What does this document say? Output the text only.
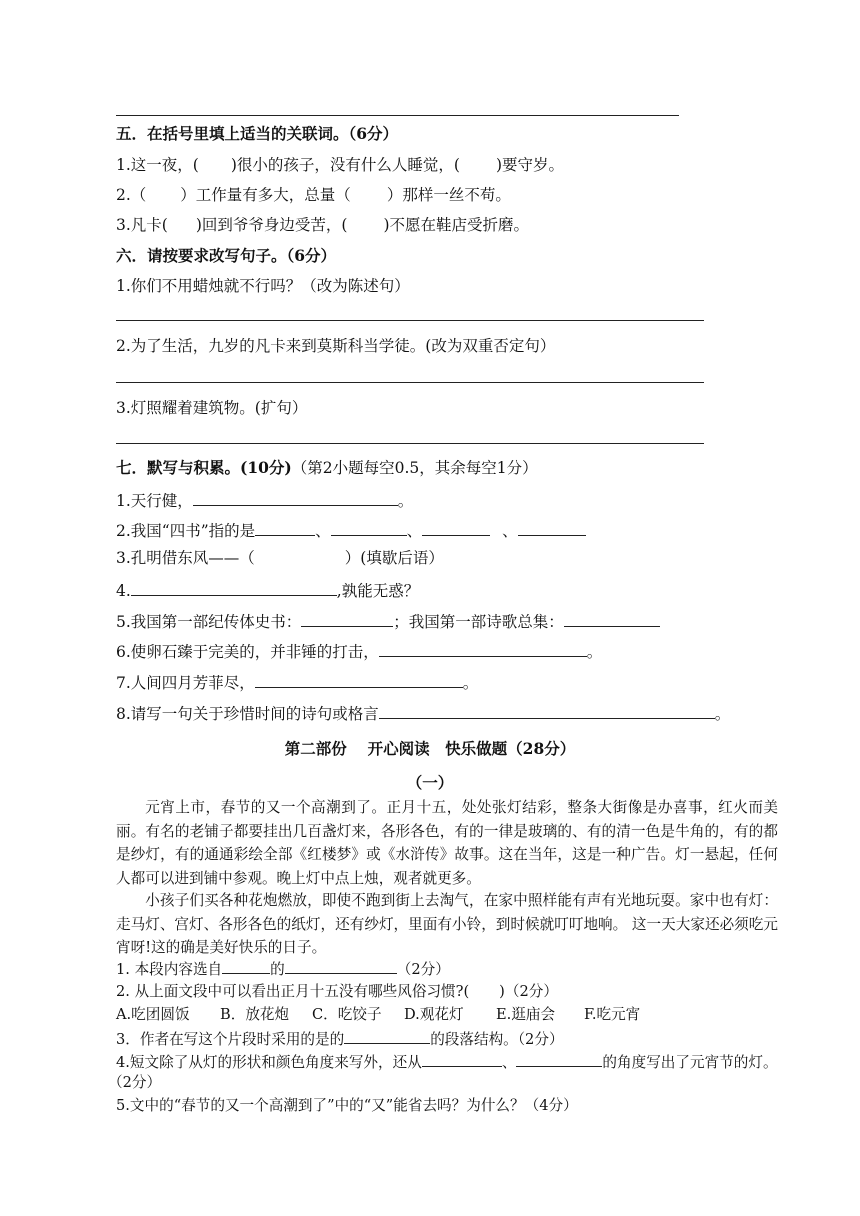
五．在括号里填上适当的关联词。（6分）
1.这一夜，( )很小的孩子，没有什么人睡觉，( )要守岁。
2.（ ）工作量有多大，总量（ ）那样一丝不苟。
3.凡卡( )回到爷爷身边受苦，( )不愿在鞋店受折磨。
六．请按要求改写句子。（6分）
1.你们不用蜡烛就不行吗？（改为陈述句）
2.为了生活，九岁的凡卡来到莫斯科当学徒。(改为双重否定句）
3.灯照耀着建筑物。(扩句）
七．默写与积累。(10分)（第2小题每空0.5，其余每空1分）
1.天行健，	。
2.我国“四书”指的是	、	、	、
3.孔明借东风——（	）(填歇后语）
4.	,孰能无惑？
5.我国第一部纪传体史书：	；我国第一部诗歌总集：
6.使卵石臻于完美的，并非锤的打击，	。
7.人间四月芳菲尽，	。
8.请写一句关于珍惜时间的诗句或格言	。
第二部份　 开心阅读　快乐做题（28分）
（一）

元宵上市，春节的又一个高潮到了。正月十五，处处张灯结彩，整条大街像是办喜事，红火而美丽。有名的老铺子都要挂出几百盏灯来，各形各色，有的一律是玻璃的、有的清一色是牛角的，有的都是纱灯，有的通通彩绘全部《红楼梦》或《水浒传》故事。这在当年，这是一种广告。灯一悬起，任何人都可以进到铺中参观。晚上灯中点上烛，观者就更多。

小孩子们买各种花炮燃放，即使不跑到街上去淘气，在家中照样能有声有光地玩耍。家中也有灯：走马灯、宫灯、各形各色的纸灯，还有纱灯，里面有小铃，到时候就叮叮地响。 这一天大家还必须吃元宵呀!这的确是美好快乐的日子。

1. 本段内容选自	的	（2分）
2. 从上面文段中可以看出正月十五没有哪些风俗习惯?( )（2分）
A.吃团圆饭 B．放花炮 C．吃饺子 D.观花灯 E.逛庙会 F.吃元宵
3．作者在写这个片段时采用的是的	的段落结构。（2分）
4.短文除了从灯的形状和颜色角度来写外，还从	、	的角度写出了元宵节的灯。
（2分）
5.文中的“春节的又一个高潮到了”中的“又”能省去吗？为什么？（4分）
